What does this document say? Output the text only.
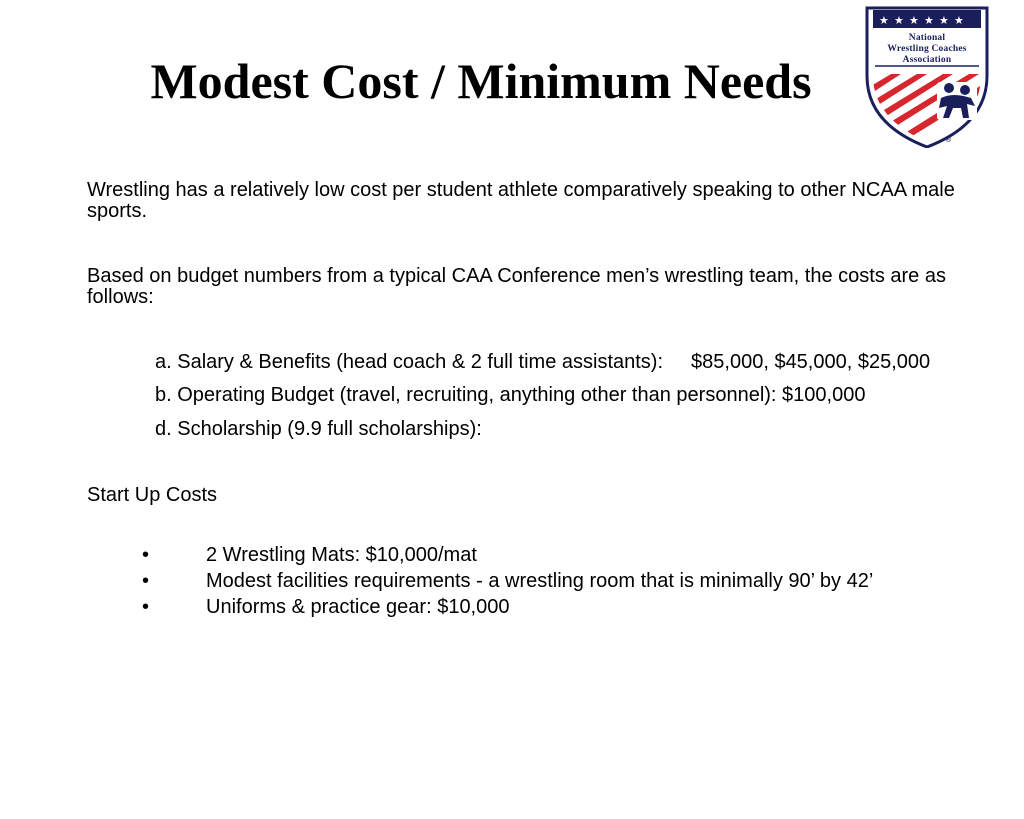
Modest Cost / Minimum Needs
★ ★ ★ ★ ★ ★
National
Wrestling Coaches
Association
®

Wrestling has a relatively low cost per student athlete comparatively speaking to other NCAA male sports.

Based on budget numbers from a typical CAA Conference men’s wrestling team, the costs are as follows:

a. Salary & Benefits (head coach & 2 full time assistants): $85,000, $45,000, $25,000
b. Operating Budget (travel, recruiting, anything other than personnel): $100,000
d. Scholarship (9.9 full scholarships):
Start Up Costs
•	2 Wrestling Mats: $10,000/mat
•	Modest facilities requirements - a wrestling room that is minimally 90’ by 42’
•	Uniforms & practice gear: $10,000
